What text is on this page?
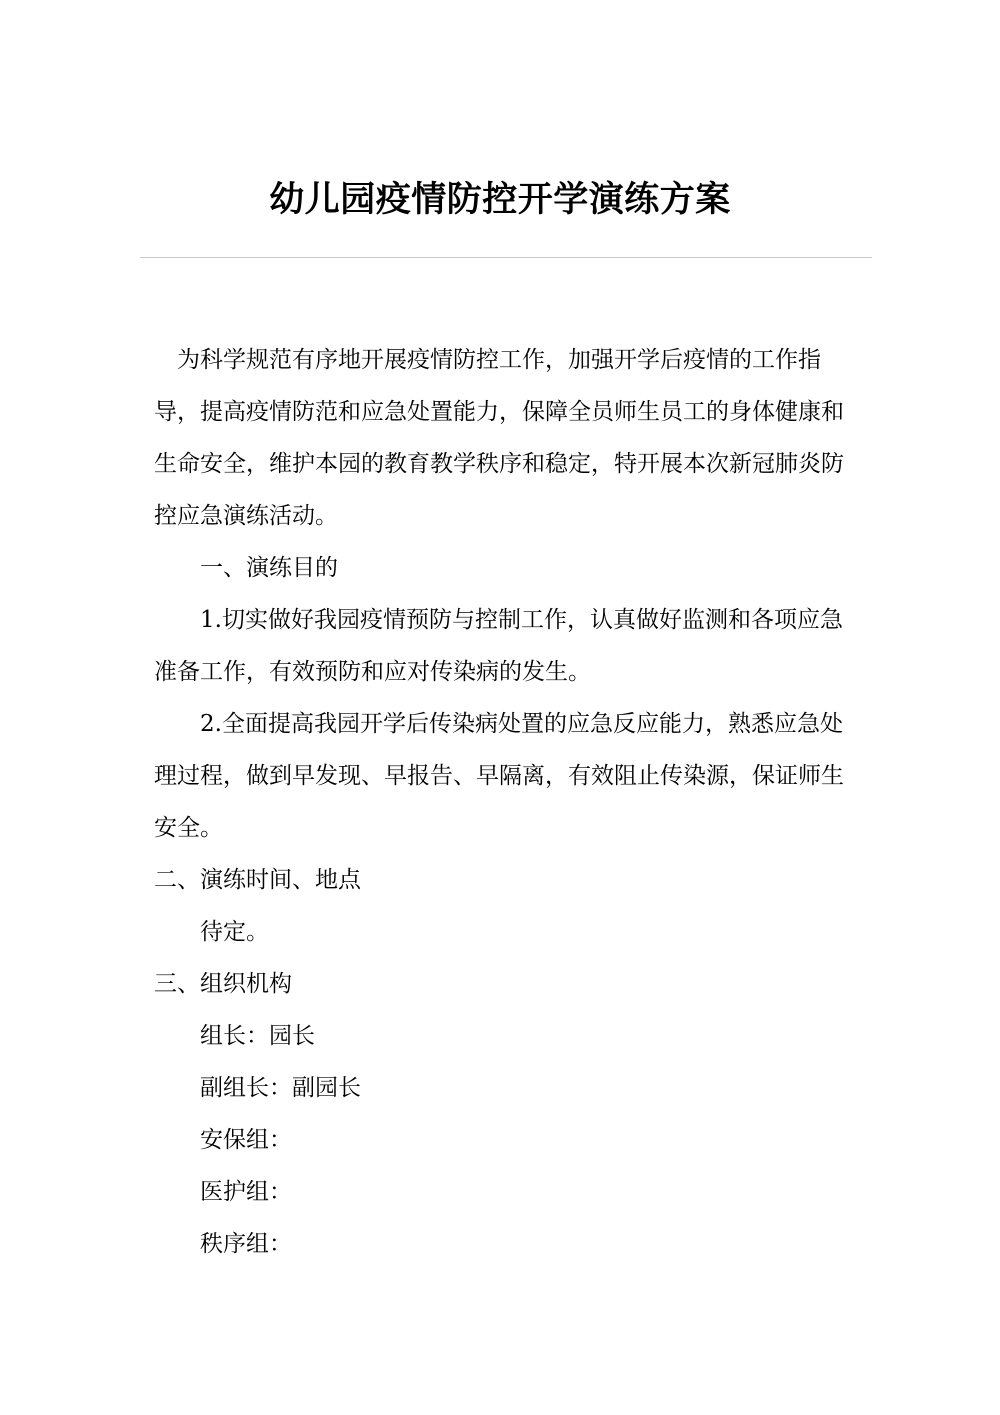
幼儿园疫情防控开学演练方案

为科学规范有序地开展疫情防控工作，加强开学后疫情的工作指导，提高疫情防范和应急处置能力，保障全员师生员工的身体健康和生命安全，维护本园的教育教学秩序和稳定，特开展本次新冠肺炎防控应急演练活动。

一、演练目的

1.切实做好我园疫情预防与控制工作，认真做好监测和各项应急准备工作，有效预防和应对传染病的发生。

2.全面提高我园开学后传染病处置的应急反应能力，熟悉应急处理过程，做到早发现、早报告、早隔离，有效阻止传染源，保证师生安全。

二、演练时间、地点

待定。

三、组织机构

组长：园长

副组长：副园长

安保组：

医护组：

秩序组：
